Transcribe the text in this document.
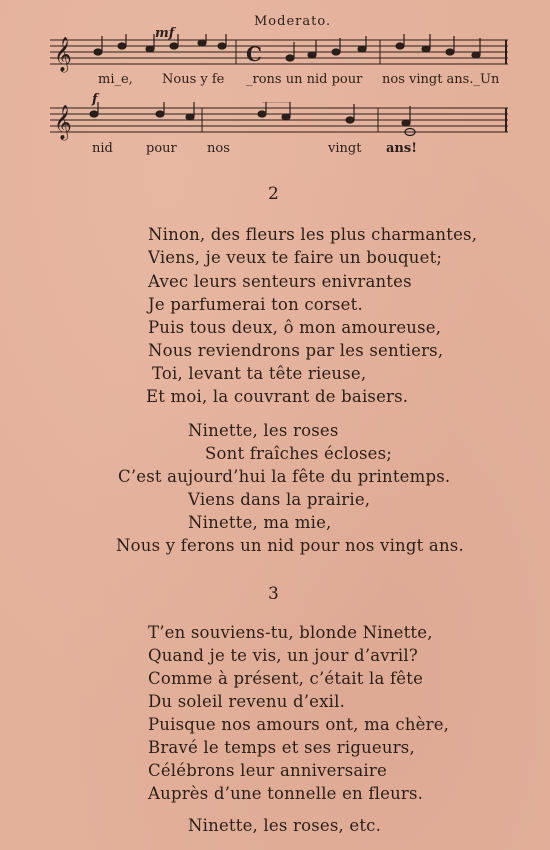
Moderato.
mf
𝄞	C
mi_e, Nous y fe _rons un nid pour nos vingt ans._Un
f
𝄞
nid	pour nos	vingt ans!
2
Ninon, des fleurs les plus charmantes,
Viens, je veux te faire un bouquet;
Avec leurs senteurs enivrantes
Je parfumerai ton corset.
Puis tous deux, ô mon amoureuse,
Nous reviendrons par les sentiers,
Toi, levant ta tête rieuse,
Et moi, la couvrant de baisers.
Ninette, les roses
Sont fraîches écloses;
C’est aujourd’hui la fête du printemps.
Viens dans la prairie,
Ninette, ma mie,
Nous y ferons un nid pour nos vingt ans.
3
T’en souviens-tu, blonde Ninette,
Quand je te vis, un jour d’avril?
Comme à présent, c’était la fête
Du soleil revenu d’exil.
Puisque nos amours ont, ma chère,
Bravé le temps et ses rigueurs,
Célébrons leur anniversaire
Auprès d’une tonnelle en fleurs.
Ninette, les roses, etc.
